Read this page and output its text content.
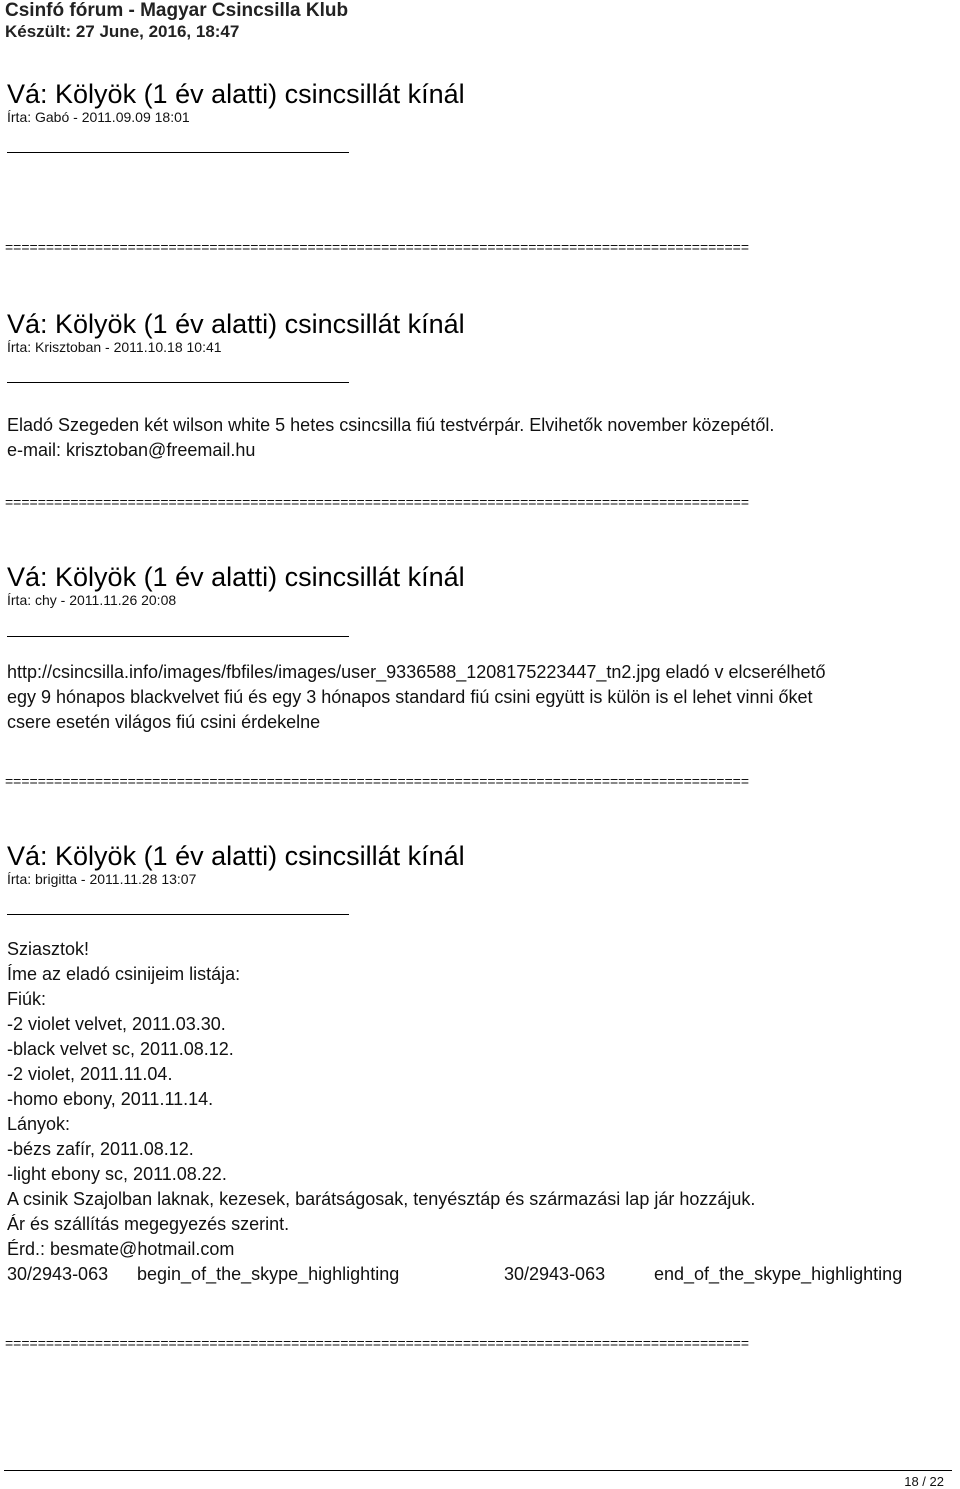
Csinfó fórum - Magyar Csincsilla Klub
Készült: 27 June, 2016, 18:47
Vá: Kölyök (1 év alatti) csincsillát kínál
Írta: Gabó - 2011.09.09 18:01
===========================================================================================
Vá: Kölyök (1 év alatti) csincsillát kínál
Írta: Krisztoban - 2011.10.18 10:41
Eladó Szegeden két wilson white 5 hetes csincsilla fiú testvérpár. Elvihetők november közepétől.
e-mail: krisztoban@freemail.hu
===========================================================================================
Vá: Kölyök (1 év alatti) csincsillát kínál
Írta: chy - 2011.11.26 20:08
http://csincsilla.info/images/fbfiles/images/user_9336588_1208175223447_tn2.jpg eladó v elcserélhető
egy 9 hónapos blackvelvet fiú és egy 3 hónapos standard fiú csini együtt is külön is el lehet vinni őket
csere esetén világos fiú csini érdekelne
===========================================================================================
Vá: Kölyök (1 év alatti) csincsillát kínál
Írta: brigitta - 2011.11.28 13:07
Sziasztok!
Íme az eladó csinijeim listája:
Fiúk:
-2 violet velvet, 2011.03.30.
-black velvet sc, 2011.08.12.
-2 violet, 2011.11.04.
-homo ebony, 2011.11.14.
Lányok:
-bézs zafír, 2011.08.12.
-light ebony sc, 2011.08.22.
A csinik Szajolban laknak, kezesek, barátságosak, tenyésztáp és származási lap jár hozzájuk.
Ár és szállítás megegyezés szerint.
Érd.: besmate@hotmail.com
30/2943-063 begin_of_the_skype_highlighting	30/2943-063	end_of_the_skype_highlighting
===========================================================================================
18 / 22
